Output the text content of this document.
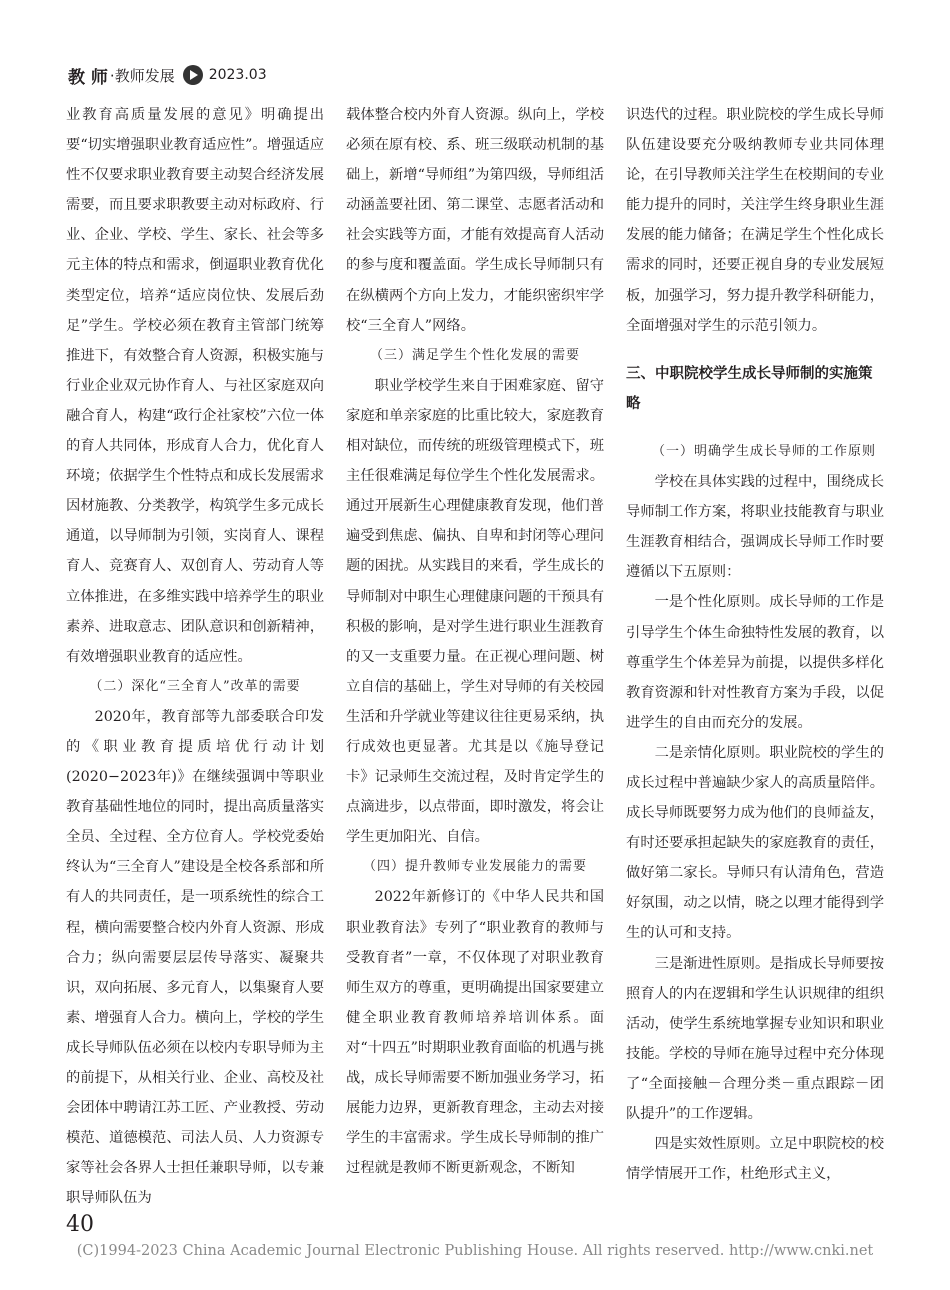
教 师 ·教师发展 2023.03

业教育高质量发展的意见》明确提出要“切实增强职业教育适应性”。增强适应性不仅要求职业教育要主动契合经济发展需要，而且要求职教要主动对标政府、行业、企业、学校、学生、家长、社会等多元主体的特点和需求，倒逼职业教育优化类型定位，培养“适应岗位快、发展后劲足”学生。学校必须在教育主管部门统筹推进下，有效整合育人资源，积极实施与行业企业双元协作育人、与社区家庭双向融合育人，构建“政行企社家校”六位一体的育人共同体，形成育人合力，优化育人环境；依据学生个性特点和成长发展需求因材施教、分类教学，构筑学生多元成长通道，以导师制为引领，实岗育人、课程育人、竞赛育人、双创育人、劳动育人等立体推进，在多维实践中培养学生的职业素养、进取意志、团队意识和创新精神，有效增强职业教育的适应性。

（二）深化“三全育人”改革的需要

2020年，教育部等九部委联合印发的《职业教育提质培优行动计划(2020−2023年)》在继续强调中等职业教育基础性地位的同时，提出高质量落实全员、全过程、全方位育人。学校党委始终认为“三全育人”建设是全校各系部和所有人的共同责任，是一项系统性的综合工程，横向需要整合校内外育人资源、形成合力；纵向需要层层传导落实、凝聚共识，双向拓展、多元育人，以集聚育人要素、增强育人合力。横向上，学校的学生成长导师队伍必须在以校内专职导师为主的前提下，从相关行业、企业、高校及社会团体中聘请江苏工匠、产业教授、劳动模范、道德模范、司法人员、人力资源专家等社会各界人士担任兼职导师，以专兼职导师队伍为

载体整合校内外育人资源。纵向上，学校必须在原有校、系、班三级联动机制的基础上，新增“导师组”为第四级，导师组活动涵盖要社团、第二课堂、志愿者活动和社会实践等方面，才能有效提高育人活动的参与度和覆盖面。学生成长导师制只有在纵横两个方向上发力，才能织密织牢学校“三全育人”网络。

（三）满足学生个性化发展的需要

职业学校学生来自于困难家庭、留守家庭和单亲家庭的比重比较大，家庭教育相对缺位，而传统的班级管理模式下，班主任很难满足每位学生个性化发展需求。通过开展新生心理健康教育发现，他们普遍受到焦虑、偏执、自卑和封闭等心理问题的困扰。从实践目的来看，学生成长的导师制对中职生心理健康问题的干预具有积极的影响，是对学生进行职业生涯教育的又一支重要力量。在正视心理问题、树立自信的基础上，学生对导师的有关校园生活和升学就业等建议往往更易采纳，执行成效也更显著。尤其是以《施导登记卡》记录师生交流过程，及时肯定学生的点滴进步，以点带面，即时激发，将会让学生更加阳光、自信。

（四）提升教师专业发展能力的需要

2022年新修订的《中华人民共和国职业教育法》专列了“职业教育的教师与受教育者”一章，不仅体现了对职业教育师生双方的尊重，更明确提出国家要建立健全职业教育教师培养培训体系。面对“十四五”时期职业教育面临的机遇与挑战，成长导师需要不断加强业务学习，拓展能力边界，更新教育理念，主动去对接学生的丰富需求。学生成长导师制的推广过程就是教师不断更新观念，不断知

识迭代的过程。职业院校的学生成长导师队伍建设要充分吸纳教师专业共同体理论，在引导教师关注学生在校期间的专业能力提升的同时，关注学生终身职业生涯发展的能力储备；在满足学生个性化成长需求的同时，还要正视自身的专业发展短板，加强学习，努力提升教学科研能力，全面增强对学生的示范引领力。

三、中职院校学生成长导师制的实施策略
（一）明确学生成长导师的工作原则

学校在具体实践的过程中，围绕成长导师制工作方案，将职业技能教育与职业生涯教育相结合，强调成长导师工作时要遵循以下五原则：

一是个性化原则。成长导师的工作是引导学生个体生命独特性发展的教育，以尊重学生个体差异为前提，以提供多样化教育资源和针对性教育方案为手段，以促进学生的自由而充分的发展。

二是亲情化原则。职业院校的学生的成长过程中普遍缺少家人的高质量陪伴。成长导师既要努力成为他们的良师益友，有时还要承担起缺失的家庭教育的责任，做好第二家长。导师只有认清角色，营造好氛围，动之以情，晓之以理才能得到学生的认可和支持。

三是渐进性原则。是指成长导师要按照育人的内在逻辑和学生认识规律的组织活动，使学生系统地掌握专业知识和职业技能。学校的导师在施导过程中充分体现了“全面接触－合理分类－重点跟踪－团队提升”的工作逻辑。

四是实效性原则。立足中职院校的校情学情展开工作，杜绝形式主义，

40
(C)1994-2023 China Academic Journal Electronic Publishing House. All rights reserved. http://www.cnki.net
